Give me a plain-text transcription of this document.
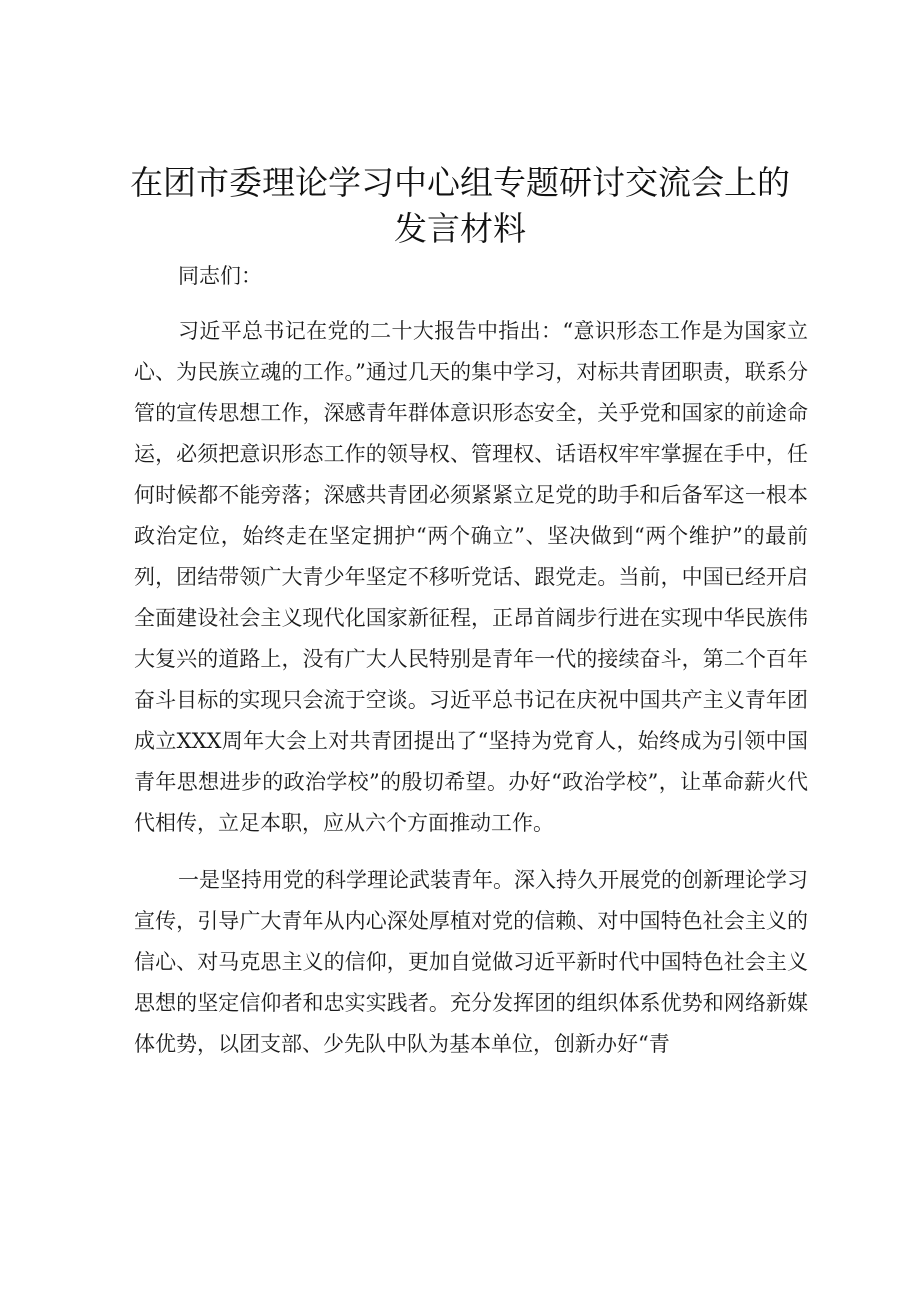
在团市委理论学习中心组专题研讨交流会上的
发言材料

同志们：

习近平总书记在党的二十大报告中指出：“意识形态工作是为国家立心、为民族立魂的工作。”通过几天的集中学习，对标共青团职责，联系分管的宣传思想工作，深感青年群体意识形态安全，关乎党和国家的前途命运，必须把意识形态工作的领导权、管理权、话语权牢牢掌握在手中，任何时候都不能旁落；深感共青团必须紧紧立足党的助手和后备军这一根本政治定位，始终走在坚定拥护“两个确立”、坚决做到“两个维护”的最前列，团结带领广大青少年坚定不移听党话、跟党走。当前，中国已经开启全面建设社会主义现代化国家新征程，正昂首阔步行进在实现中华民族伟大复兴的道路上，没有广大人民特别是青年一代的接续奋斗，第二个百年奋斗目标的实现只会流于空谈。习近平总书记在庆祝中国共产主义青年团成立XXX周年大会上对共青团提出了“坚持为党育人，始终成为引领中国青年思想进步的政治学校”的殷切希望。办好“政治学校”，让革命薪火代代相传，立足本职，应从六个方面推动工作。

一是坚持用党的科学理论武装青年。深入持久开展党的创新理论学习宣传，引导广大青年从内心深处厚植对党的信赖、对中国特色社会主义的信心、对马克思主义的信仰，更加自觉做习近平新时代中国特色社会主义思想的坚定信仰者和忠实实践者。充分发挥团的组织体系优势和网络新媒体优势，以团支部、少先队中队为基本单位，创新办好“青
